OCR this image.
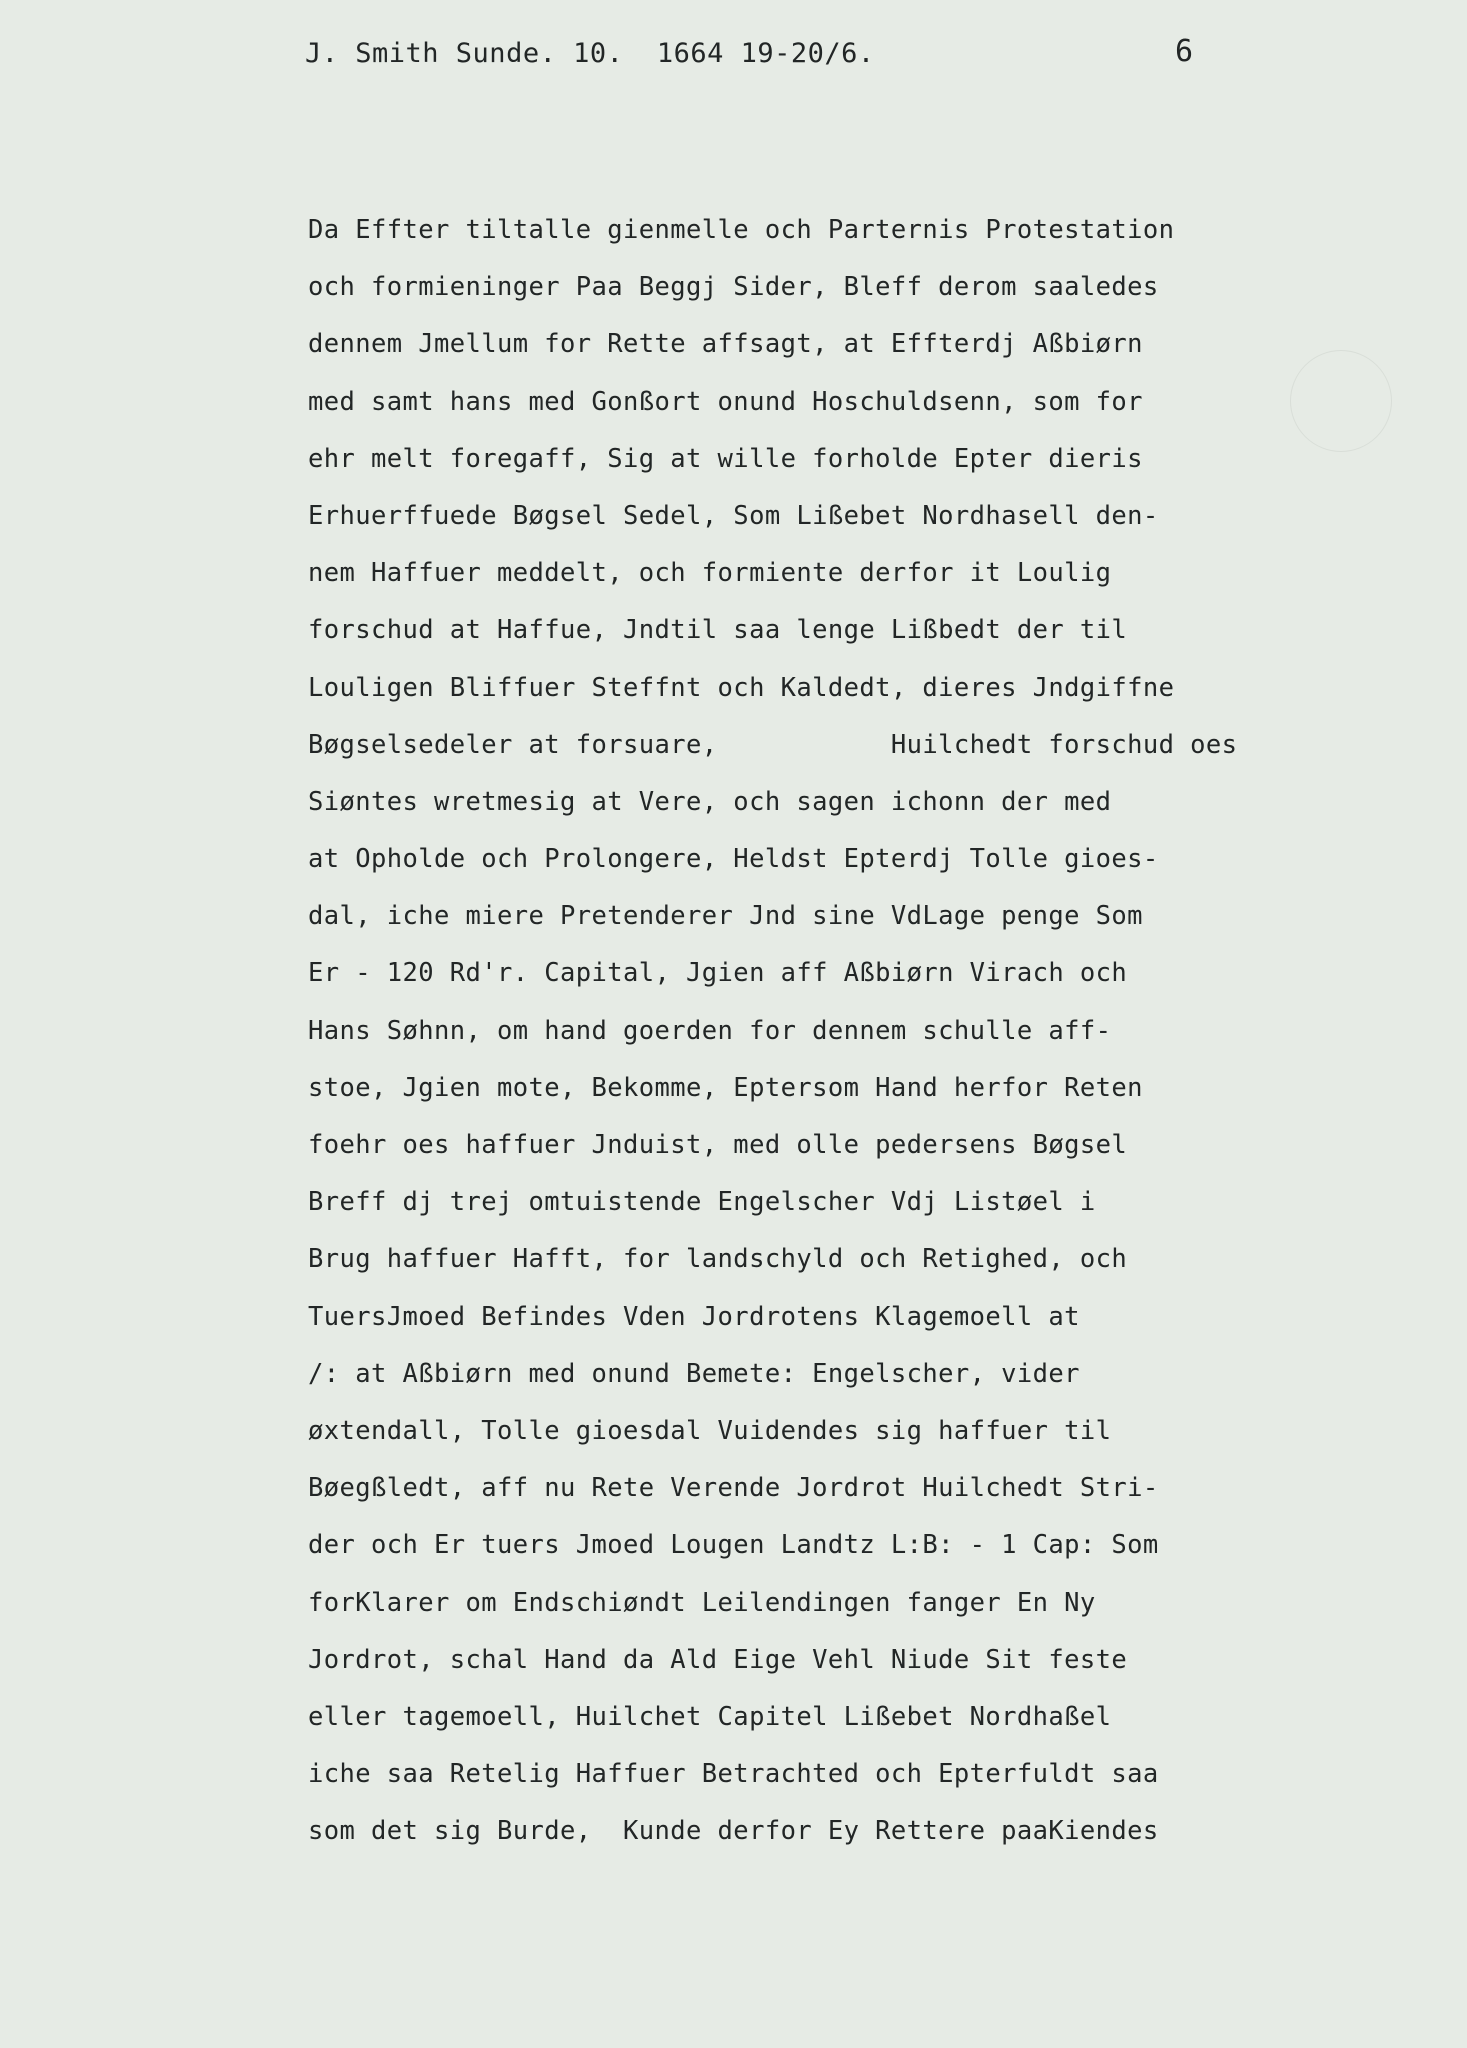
J. Smith Sunde. 10.  1664 19-20/6.	6
Da Effter tiltalle gienmelle och Parternis Protestation
och formieninger Paa Beggj Sider, Bleff derom saaledes
dennem Jmellum for Rette affsagt, at Effterdj Aßbiørn
med samt hans med Gonßort onund Hoschuldsenn, som for
ehr melt foregaff, Sig at wille forholde Epter dieris
Erhuerffuede Bøgsel Sedel, Som Lißebet Nordhasell den-
nem Haffuer meddelt, och formiente derfor it Loulig
forschud at Haffue, Jndtil saa lenge Lißbedt der til
Louligen Bliffuer Steffnt och Kaldedt, dieres Jndgiffne
Bøgselsedeler at forsuare,           Huilchedt forschud oes
Siøntes wretmesig at Vere, och sagen ichonn der med
at Opholde och Prolongere, Heldst Epterdj Tolle gioes-
dal, iche miere Pretenderer Jnd sine VdLage penge Som
Er - 120 Rd'r. Capital, Jgien aff Aßbiørn Virach och
Hans Søhnn, om hand goerden for dennem schulle aff-
stoe, Jgien mote, Bekomme, Eptersom Hand herfor Reten
foehr oes haffuer Jnduist, med olle pedersens Bøgsel
Breff dj trej omtuistende Engelscher Vdj Listøel i
Brug haffuer Hafft, for landschyld och Retighed, och
TuersJmoed Befindes Vden Jordrotens Klagemoell at
/: at Aßbiørn med onund Bemete: Engelscher, vider
øxtendall, Tolle gioesdal Vuidendes sig haffuer til
Bøegßledt, aff nu Rete Verende Jordrot Huilchedt Stri-
der och Er tuers Jmoed Lougen Landtz L:B: - 1 Cap: Som
forKlarer om Endschiøndt Leilendingen fanger En Ny
Jordrot, schal Hand da Ald Eige Vehl Niude Sit feste
eller tagemoell, Huilchet Capitel Lißebet Nordhaßel
iche saa Retelig Haffuer Betrachted och Epterfuldt saa
som det sig Burde,  Kunde derfor Ey Rettere paaKiendes
